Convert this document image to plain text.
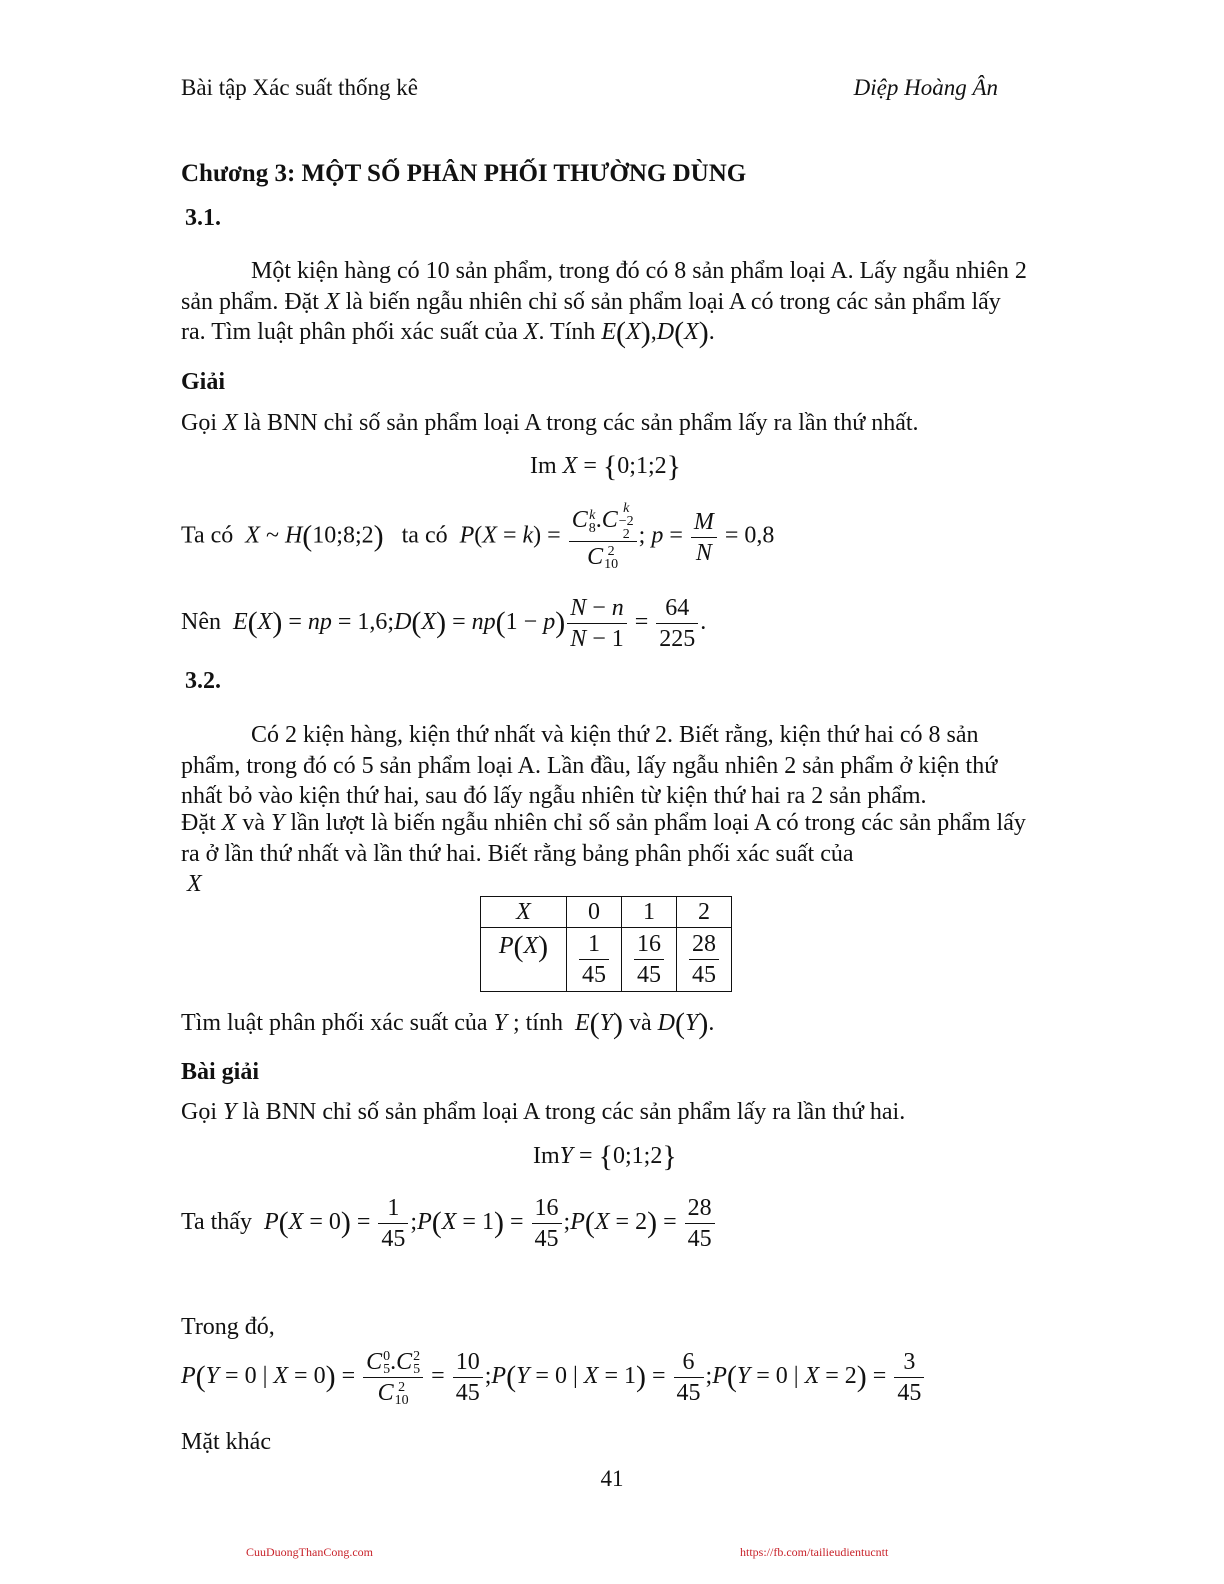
Bài tập Xác suất thống kê	Diệp Hoàng Ân
Chương 3: MỘT SỐ PHÂN PHỐI THƯỜNG DÙNG
3.1.
Một kiện hàng có 10 sản phẩm, trong đó có 8 sản phẩm loại A. Lấy ngẫu nhiên 2 sản phẩm. Đặt X là biến ngẫu nhiên chỉ số sản phẩm loại A có trong các sản phẩm lấy ra. Tìm luật phân phối xác suất của X. Tính E(X),D(X).
Giải
Gọi X là BNN chỉ số sản phẩm loại A trong các sản phẩm lấy ra lần thứ nhất.
Im X = {0;1;2}
Ta có X ~ H(10;8;2) ta có P(X = k) = C k
8 .C k
−2
2
C 2
10 ; $p = \frac{M}{N} = 0,8$
Nên E(X) = np = 1,6;D(X) = $np(1 - p) \frac{N - n}{N - 1} = \frac{64}{225}$ .
3.2.
Có 2 kiện hàng, kiện thứ nhất và kiện thứ 2. Biết rằng, kiện thứ hai có 8 sản phẩm, trong đó có 5 sản phẩm loại A. Lần đầu, lấy ngẫu nhiên 2 sản phẩm ở kiện thứ nhất bỏ vào kiện thứ hai, sau đó lấy ngẫu nhiên từ kiện thứ hai ra 2 sản phẩm.
Đặt X và Y lần lượt là biến ngẫu nhiên chỉ số sản phẩm loại A có trong các sản phẩm lấy ra ở lần thứ nhất và lần thứ hai. Biết rằng bảng phân phối xác suất của
X
X	0	1	2
P(X)	$\frac{1}{45}$	$\frac{16}{45}$	$\frac{28}{45}$
Tìm luật phân phối xác suất của Y ; tính E(Y) và D(Y).
Bài giải
Gọi Y là BNN chỉ số sản phẩm loại A trong các sản phẩm lấy ra lần thứ hai.
ImY = {0;1;2}
Ta thấy $P(X = 0) = \frac{1}{45}$ ;P(X = $1) = \frac{16}{45}$ ;P(X = $2) = \frac{28}{45}$
Trong đó,
P(Y = 0 | X = 0) = C 0
5 .C 2
5
C 2
$10 = \frac{10}{45}$ ;P(Y = 0 | $X = 1) = \frac{6}{45}$ ;P(Y = 0 | $X = 2) = \frac{3}{45}$
Mặt khác
41
CuuDuongThanCong.com	https://fb.com/tailieudientucntt
